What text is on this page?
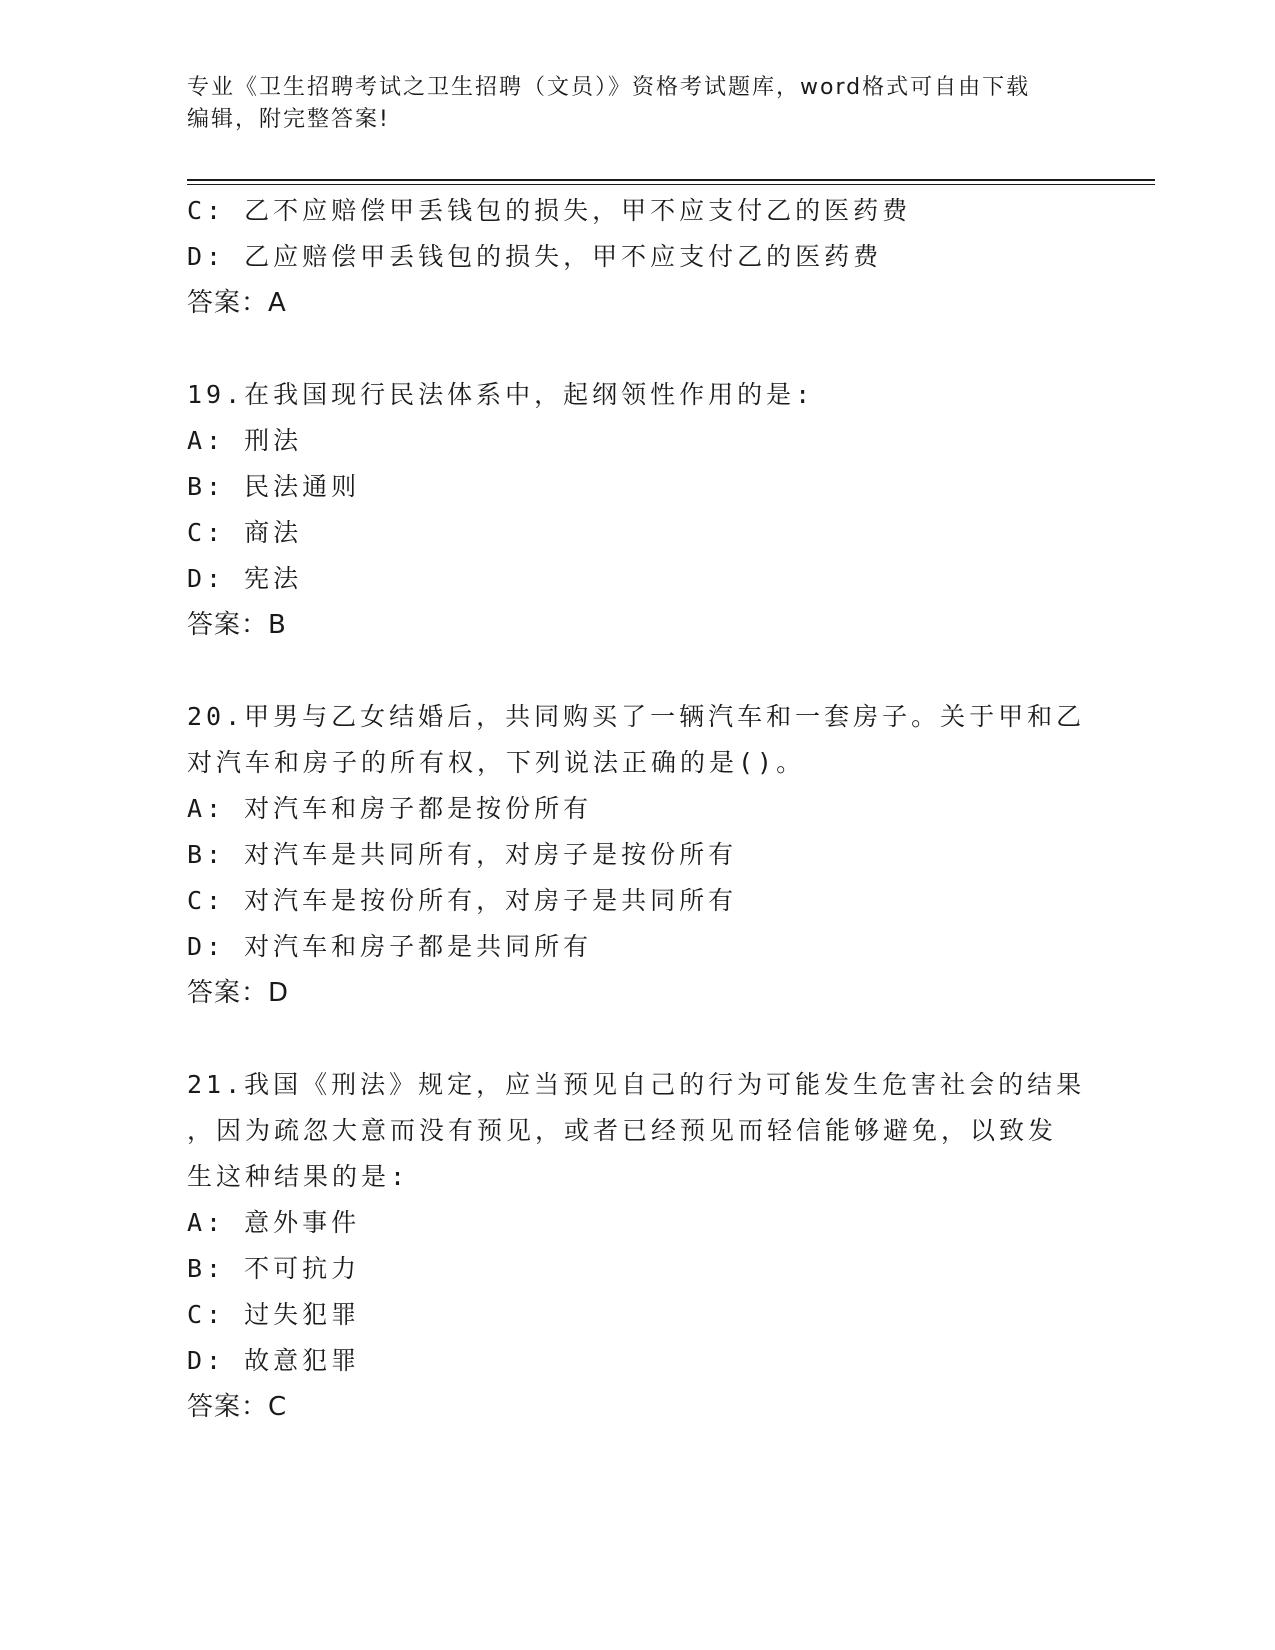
专业《卫生招聘考试之卫生招聘（文员）》资格考试题库，word格式可自由下载
编辑，附完整答案!
C: 乙不应赔偿甲丢钱包的损失，甲不应支付乙的医药费
D: 乙应赔偿甲丢钱包的损失，甲不应支付乙的医药费
答案：A
19.在我国现行民法体系中，起纲领性作用的是:
A: 刑法
B: 民法通则
C: 商法
D: 宪法
答案：B
20.甲男与乙女结婚后，共同购买了一辆汽车和一套房子。关于甲和乙
对汽车和房子的所有权，下列说法正确的是()。
A: 对汽车和房子都是按份所有
B: 对汽车是共同所有，对房子是按份所有
C: 对汽车是按份所有，对房子是共同所有
D: 对汽车和房子都是共同所有
答案：D
21.我国《刑法》规定，应当预见自己的行为可能发生危害社会的结果
，因为疏忽大意而没有预见，或者已经预见而轻信能够避免，以致发
生这种结果的是:
A: 意外事件
B: 不可抗力
C: 过失犯罪
D: 故意犯罪
答案：C
